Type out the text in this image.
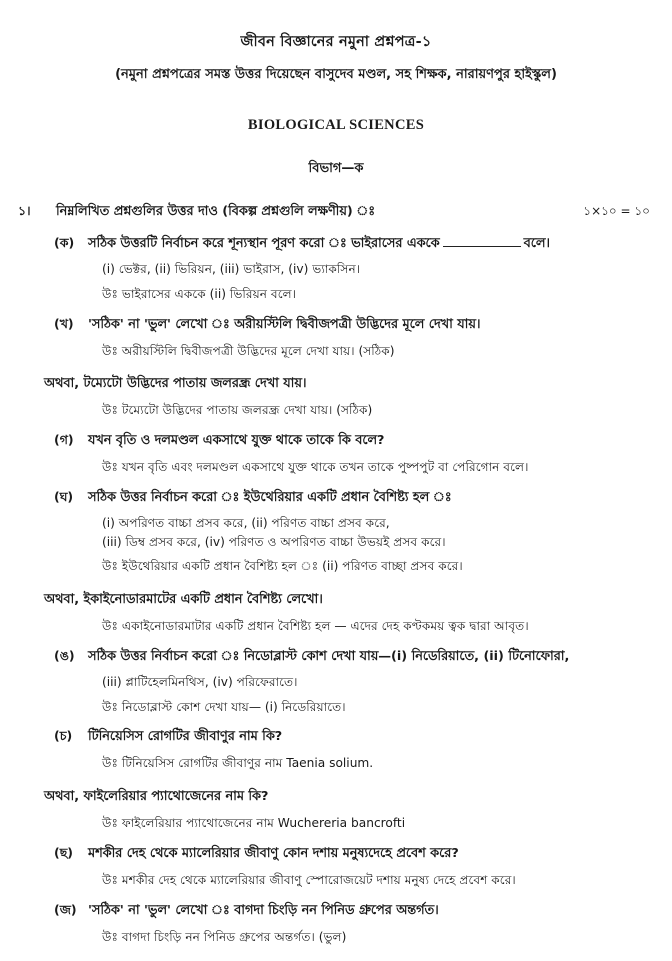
জীবন বিজ্ঞানের নমুনা প্রশ্নপত্র-১
(নমুনা প্রশ্নপত্রের সমস্ত উত্তর দিয়েছেন বাসুদেব মণ্ডল, সহ শিক্ষক, নারায়ণপুর হাইস্কুল)
BIOLOGICAL SCIENCES
বিভাগ—ক
১।	নিম্নলিখিত প্রশ্নগুলির উত্তর দাও (বিকল্প প্রশ্নগুলি লক্ষণীয়) ঃ	১×১০ = ১০
(ক)	সঠিক উত্তরটি নির্বাচন করে শূন্যস্থান পূরণ করো ঃ ভাইরাসের এককে	বলে।
(i) ভেক্টর, (ii) ভিরিয়ন, (iii) ভাইরাস, (iv) ভ্যাকসিন।
উঃ ভাইরাসের এককে (ii) ভিরিয়ন বলে।
(খ)	'সঠিক' না 'ভুল' লেখো ঃ অরীয়স্টিলি দ্বিবীজপত্রী উদ্ভিদের মূলে দেখা যায়।
উঃ অরীয়স্টিলি দ্বিবীজপত্রী উদ্ভিদের মূলে দেখা যায়। (সঠিক)
অথবা, টম্যেটো উদ্ভিদের পাতায় জলরন্ধ্র দেখা যায়।
উঃ টম্যেটো উদ্ভিদের পাতায় জলরন্ধ্র দেখা যায়। (সঠিক)
(গ)	যখন বৃতি ও দলমণ্ডল একসাথে যুক্ত থাকে তাকে কি বলে?
উঃ যখন বৃতি এবং দলমণ্ডল একসাথে যুক্ত থাকে তখন তাকে পুষ্পপুট বা পেরিগোন বলে।
(ঘ)	সঠিক উত্তর নির্বাচন করো ঃ ইউথেরিয়ার একটি প্রধান বৈশিষ্ট্য হল ঃ
(i) অপরিণত বাচ্চা প্রসব করে, (ii) পরিণত বাচ্চা প্রসব করে,
(iii) ডিম্ব প্রসব করে, (iv) পরিণত ও অপরিণত বাচ্চা উভয়ই প্রসব করে।
উঃ ইউথেরিয়ার একটি প্রধান বৈশিষ্ট্য হল ঃ (ii) পরিণত বাচ্ছা প্রসব করে।
অথবা, ইকাইনোডারমাটের একটি প্রধান বৈশিষ্ট্য লেখো।
উঃ একাইনোডারমাটার একটি প্রধান বৈশিষ্ট্য হল — এদের দেহ কণ্টকময় ত্বক দ্বারা আবৃত।
(ঙ)	সঠিক উত্তর নির্বাচন করো ঃ নিডোব্লাস্ট কোশ দেখা যায়—(i) নিডেরিয়াতে, (ii) টিনোফোরা,
(iii) প্লাটিহেলমিনথিস, (iv) পরিফেরাতে।
উঃ নিডোব্লাস্ট কোশ দেখা যায়— (i) নিডেরিয়াতে।
(চ)	টিনিয়েসিস রোগটির জীবাণুর নাম কি?
উঃ টিনিয়েসিস রোগটির জীবাণুর নাম Taenia solium.
অথবা, ফাইলেরিয়ার প্যাথোজেনের নাম কি?
উঃ ফাইলেরিয়ার প্যাথোজেনের নাম Wuchereria bancrofti
(ছ)	মশকীর দেহ থেকে ম্যালেরিয়ার জীবাণু কোন দশায় মনুষ্যদেহে প্রবেশ করে?
উঃ মশকীর দেহ থেকে ম্যালেরিয়ার জীবাণু স্পোরোজয়েট দশায় মনুষ্য দেহে প্রবেশ করে।
(জ) 'সঠিক' না 'ভুল' লেখো ঃ বাগদা চিংড়ি নন পিনিড গ্রুপের অন্তর্গত।
উঃ বাগদা চিংড়ি নন পিনিড গ্রুপের অন্তর্গত। (ভুল)
